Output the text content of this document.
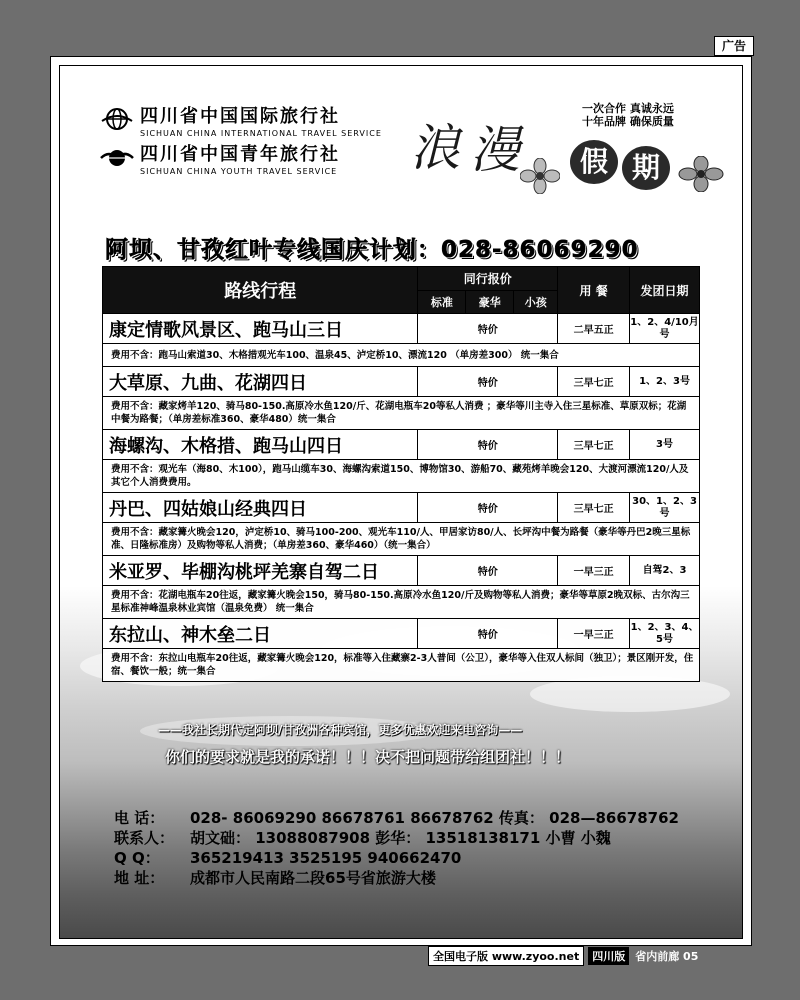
广告
四川省中国国际旅行社
SICHUAN CHINA INTERNATIONAL TRAVEL SERVICE
四川省中国青年旅行社
SICHUAN CHINA YOUTH TRAVEL SERVICE 浪 漫	假 期
一次合作 真诚永远
十年品牌 确保质量
阿坝、甘孜红叶专线国庆计划：028-86069290
路线行程	同行报价			用 餐	发团日期
	标准	豪华	小孩		
康定情歌风景区、跑马山三日	特价			二早五正	1、2、4/10月号
费用不含：跑马山索道30、木格措观光车100、温泉45、泸定桥10、漂流120 （单房差300） 统一集合					
大草原、九曲、花湖四日	特价			三早七正	1、2、3号
费用不含：藏家烤羊120、骑马80-150.高原冷水鱼120/斤、花湖电瓶车20等私人消费 ；豪华等川主寺入住三星标准、草原双标；花湖中餐为路餐；（单房差标准360、豪华480）统一集合					
海螺沟、木格措、跑马山四日	特价			三早七正	3号
费用不含：观光车（海80、木100），跑马山缆车30、海螺沟索道150、博物馆30、游船70、藏苑烤羊晚会120、大渡河漂流120/人及其它个人消费费用。					
丹巴、四姑娘山经典四日	特价			三早七正	30、1、2、3号
费用不含：藏家篝火晚会120，泸定桥10、骑马100-200、观光车110/人、甲居家访80/人、长坪沟中餐为路餐（豪华等丹巴2晚三星标准、日隆标准房）及购物等私人消费；（单房差360、豪华460）（统一集合）					
米亚罗、毕棚沟桃坪羌寨自驾二日	特价			一早三正	自驾2、3
费用不含：花湖电瓶车20往返，藏家篝火晚会150，骑马80-150.高原冷水鱼120/斤及购物等私人消费；豪华等草原2晚双标、古尔沟三星标准神峰温泉林业宾馆（温泉免费） 统一集合					
东拉山、神木垒二日	特价			一早三正	1、2、3、4、5号
费用不含：东拉山电瓶车20往返，藏家篝火晚会120，标准等入住藏寨2-3人普间（公卫），豪华等入住双人标间（独卫）；景区刚开发，住宿、餐饮一般；统一集合					
——我社长期代定阿坝/甘孜洲各种宾馆，更多优惠欢迎来电咨询——
你们的要求就是我的承诺！！！决不把问题带给组团社！！！
电 话：	028- 86069290 86678761 86678762 传真： 028—86678762
联系人：	胡文础： 13088087908 彭华： 13518138171 小曹 小魏
Q Q：	365219413 3525195 940662470
地 址：	成都市人民南路二段65号省旅游大楼
全国电子版 www.zyoo.net	四川版 省内前廊 05
